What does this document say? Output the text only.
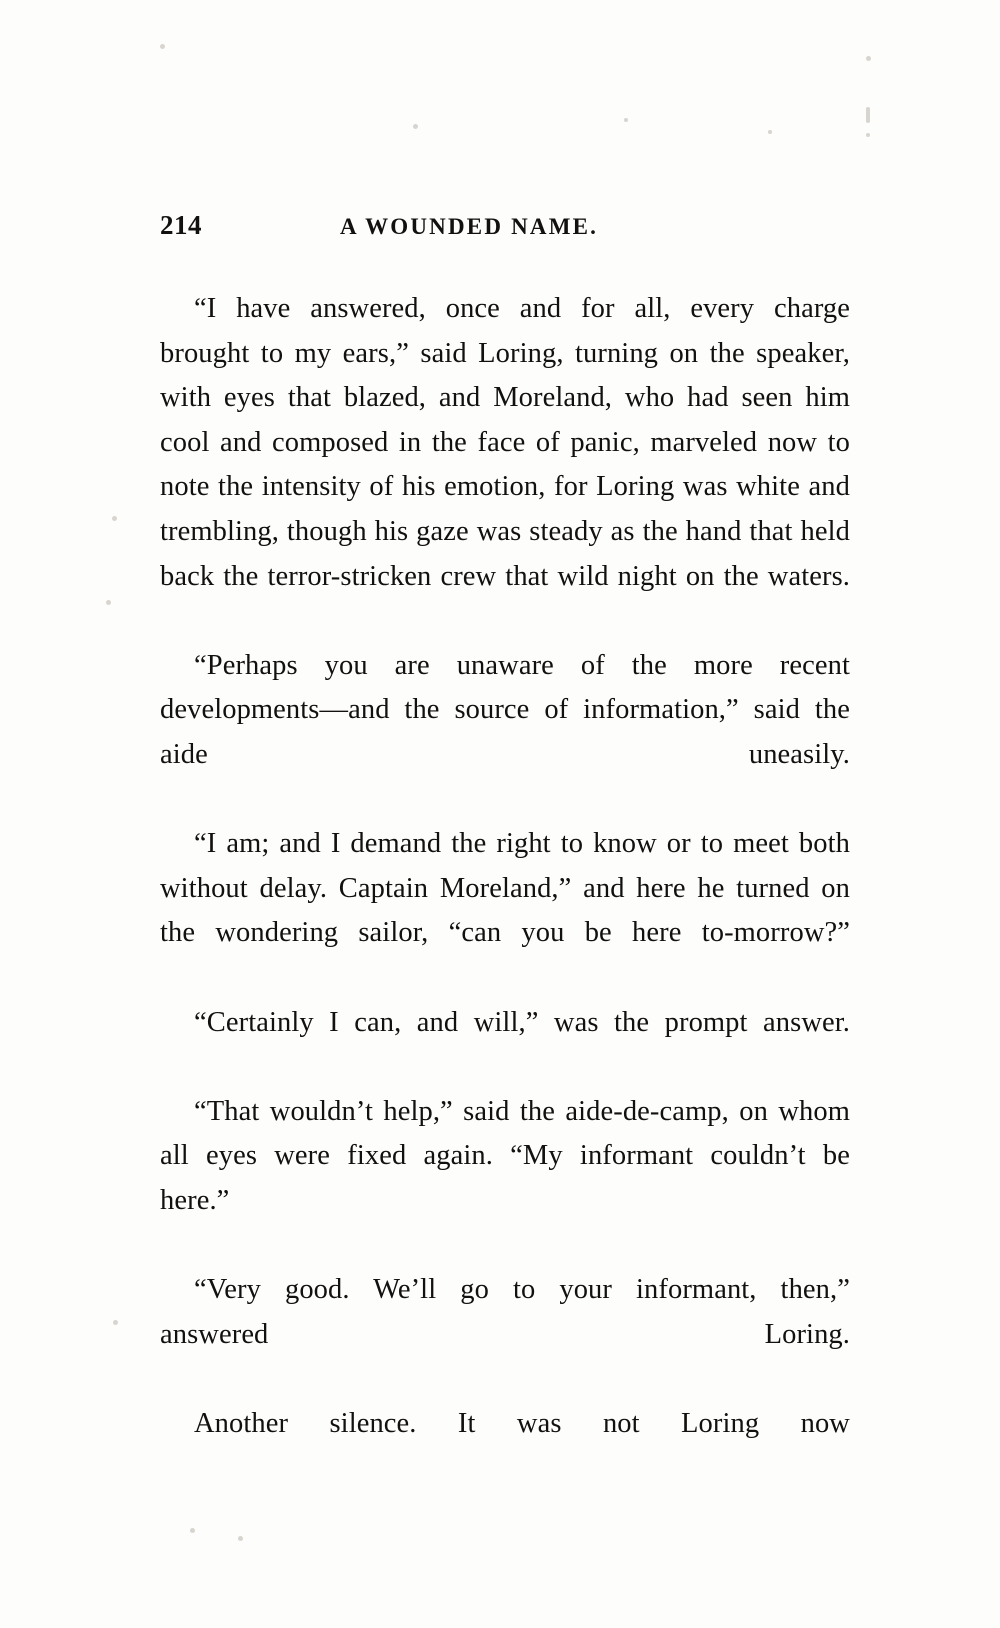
214	A WOUNDED NAME.

“I have answered, once and for all, every charge brought to my ears,” said Loring, turning on the speaker, with eyes that blazed, and Moreland, who had seen him cool and composed in the face of panic, marveled now to note the intensity of his emotion, for Loring was white and trembling, though his gaze was steady as the hand that held back the terror-stricken crew that wild night on the waters.

“Perhaps you are unaware of the more recent developments—and the source of information,” said the aide uneasily.

“I am; and I demand the right to know or to meet both without delay. Captain Moreland,” and here he turned on the wondering sailor, “can you be here to-morrow?”

“Certainly I can, and will,” was the prompt answer.

“That wouldn’t help,” said the aide-de-camp, on whom all eyes were fixed again. “My informant couldn’t be here.”

“Very good. We’ll go to your informant, then,” answered Loring.

Another silence. It was not Loring now
